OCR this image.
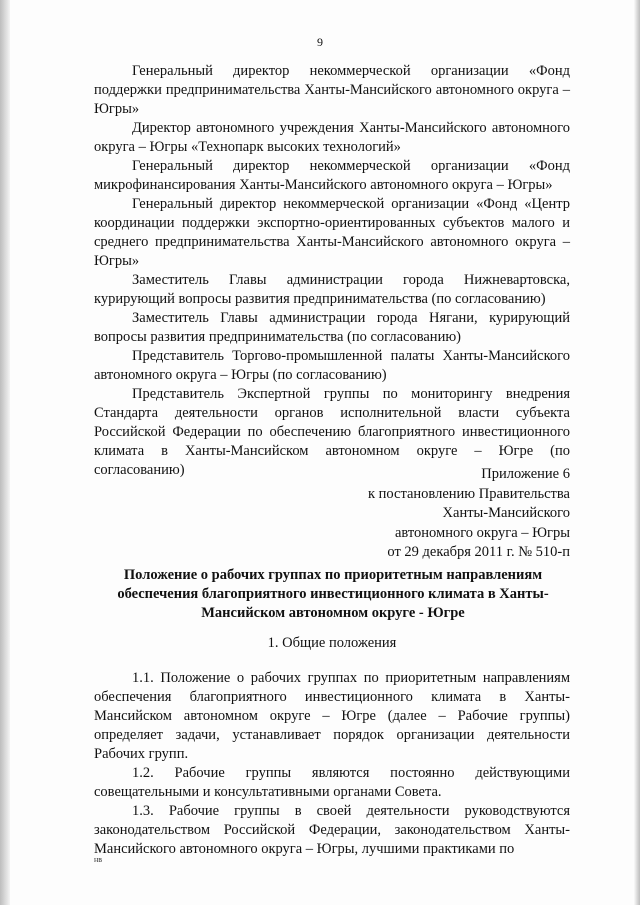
9

Генеральный директор некоммерческой организации «Фонд поддержки предпринимательства Ханты-Мансийского автономного округа – Югры»

Директор автономного учреждения Ханты-Мансийского автономного округа – Югры «Технопарк высоких технологий»

Генеральный директор некоммерческой организации «Фонд микрофинансирования Ханты-Мансийского автономного округа – Югры»

Генеральный директор некоммерческой организации «Фонд «Центр координации поддержки экспортно-ориентированных субъектов малого и среднего предпринимательства Ханты-Мансийского автономного округа – Югры»

Заместитель Главы администрации города Нижневартовска, курирующий вопросы развития предпринимательства (по согласованию)

Заместитель Главы администрации города Нягани, курирующий вопросы развития предпринимательства (по согласованию)

Представитель Торгово-промышленной палаты Ханты-Мансийского автономного округа – Югры (по согласованию)

Представитель Экспертной группы по мониторингу внедрения Стандарта деятельности органов исполнительной власти субъекта Российской Федерации по обеспечению благоприятного инвестиционного климата в Ханты-Мансийском автономном округе – Югре (по согласованию)	Приложение 6
к постановлению Правительства
Ханты-Мансийского
автономного округа – Югры
от 29 декабря 2011 г. № 510-п
Положение о рабочих группах по приоритетным направлениям обеспечения благоприятного инвестиционного климата в Ханты-Мансийском автономном округе - Югре
1. Общие положения

1.1. Положение о рабочих группах по приоритетным направлениям обеспечения благоприятного инвестиционного климата в Ханты-Мансийском автономном округе – Югре (далее – Рабочие группы) определяет задачи, устанавливает порядок организации деятельности Рабочих групп.

1.2. Рабочие группы являются постоянно действующими совещательными и консультативными органами Совета.

1.3. Рабочие группы в своей деятельности руководствуются законодательством Российской Федерации, законодательством Ханты-Мансийского автономного округа – Югры, лучшими практиками по

нв
